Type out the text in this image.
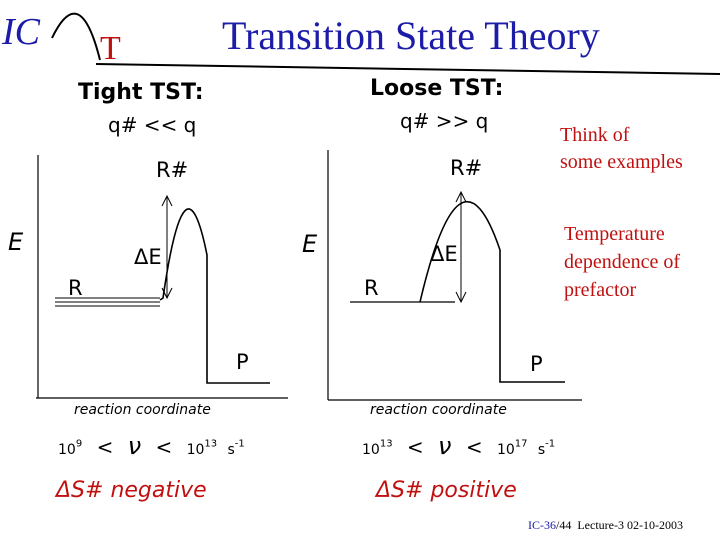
IC T	Transition State Theory
Tight TST:	Loose TST:
q# << q	q# >> q
R#
E
ΔE
R
P
reaction coordinate
$10^9 < \nu < 10^{13}$ $s^{-1}$
ΔS# negative
R#
E	ΔE
R
P
reaction coordinate
$10^{13} < \nu < 10^{17}$ $s^{-1}$
ΔS# positive
Think of
some examples
Temperature
dependence of
prefactor
IC-36/44 Lecture-3 02-10-2003
